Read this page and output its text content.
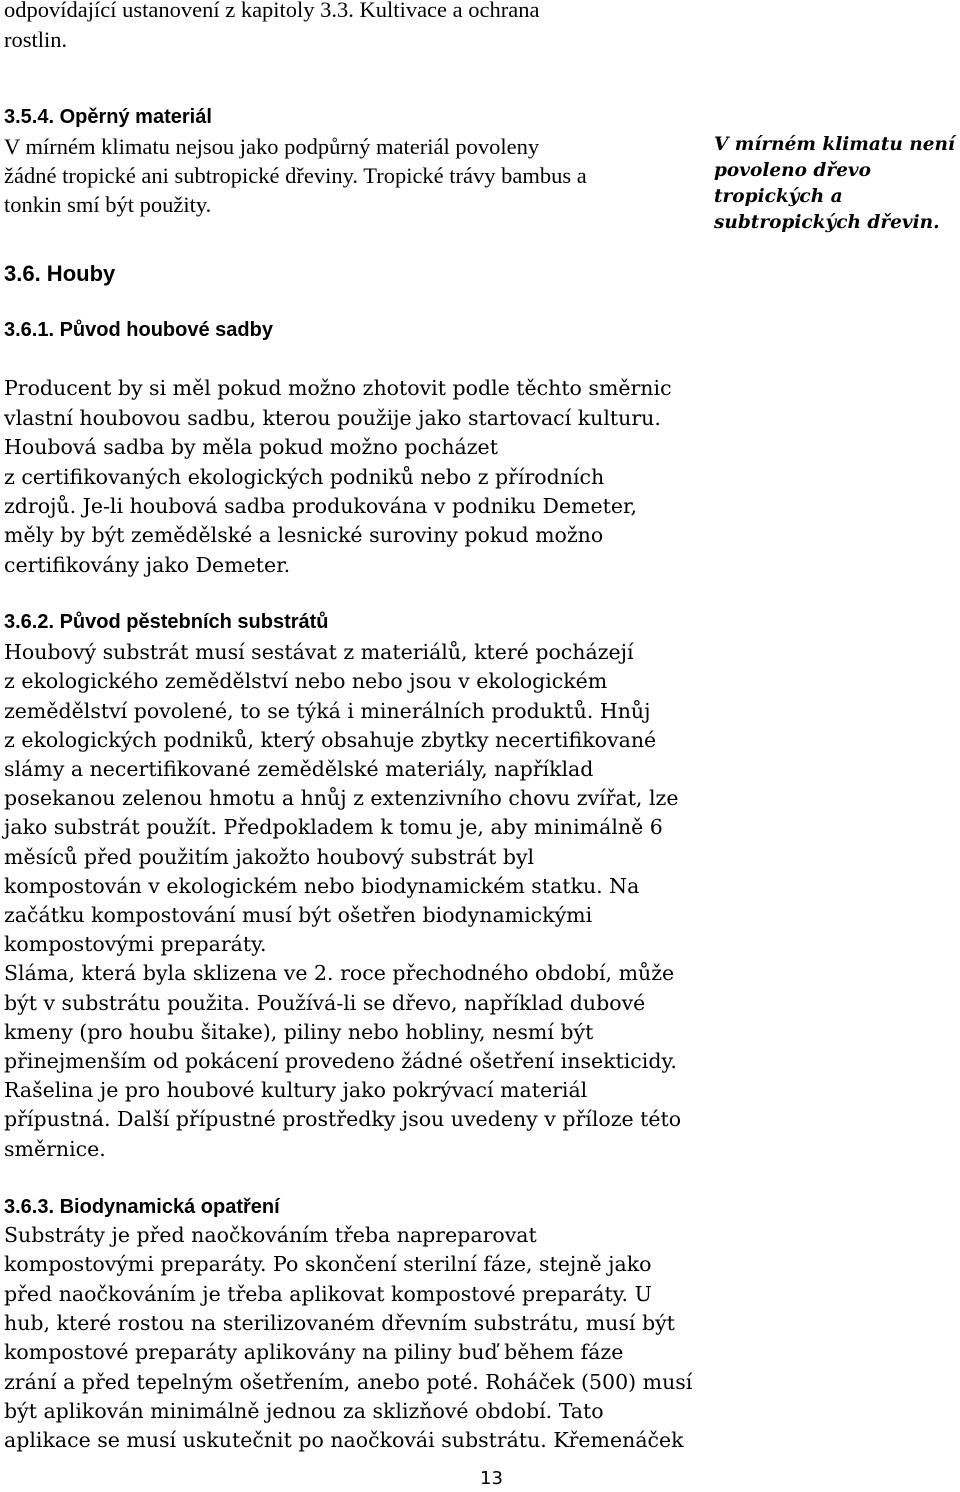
odpovídající ustanovení z kapitoly 3.3. Kultivace a ochrana
rostlin.
3.5.4. Opěrný materiál
V mírném klimatu nejsou jako podpůrný materiál povoleny
žádné tropické ani subtropické dřeviny. Tropické trávy bambus a
tonkin smí být použity.
V mírném klimatu není
povoleno dřevo
tropických a
subtropických dřevin.
3.6. Houby
3.6.1. Původ houbové sadby
Producent by si měl pokud možno zhotovit podle těchto směrnic
vlastní houbovou sadbu, kterou použije jako startovací kulturu.
Houbová sadba by měla pokud možno pocházet
z certifikovaných ekologických podniků nebo z přírodních
zdrojů. Je-li houbová sadba produkována v podniku Demeter,
měly by být zemědělské a lesnické suroviny pokud možno
certifikovány jako Demeter.
3.6.2. Původ pěstebních substrátů
Houbový substrát musí sestávat z materiálů, které pocházejí
z ekologického zemědělství nebo nebo jsou v ekologickém
zemědělství povolené, to se týká i minerálních produktů. Hnůj
z ekologických podniků, který obsahuje zbytky necertifikované
slámy a necertifikované zemědělské materiály, například
posekanou zelenou hmotu a hnůj z extenzivního chovu zvířat, lze
jako substrát použít. Předpokladem k tomu je, aby minimálně 6
měsíců před použitím jakožto houbový substrát byl
kompostován v ekologickém nebo biodynamickém statku. Na
začátku kompostování musí být ošetřen biodynamickými
kompostovými preparáty.
Sláma, která byla sklizena ve 2. roce přechodného období, může
být v substrátu použita. Používá-li se dřevo, například dubové
kmeny (pro houbu šitake), piliny nebo hobliny, nesmí být
přinejmenším od pokácení provedeno žádné ošetření insekticidy.
Rašelina je pro houbové kultury jako pokrývací materiál
přípustná. Další přípustné prostředky jsou uvedeny v příloze této
směrnice.
3.6.3. Biodynamická opatření
Substráty je před naočkováním třeba napreparovat
kompostovými preparáty. Po skončení sterilní fáze, stejně jako
před naočkováním je třeba aplikovat kompostové preparáty. U
hub, které rostou na sterilizovaném dřevním substrátu, musí být
kompostové preparáty aplikovány na piliny buď během fáze
zrání a před tepelným ošetřením, anebo poté. Roháček (500) musí
být aplikován minimálně jednou za sklizňové období. Tato
aplikace se musí uskutečnit po naočkovái substrátu. Křemenáček
13
